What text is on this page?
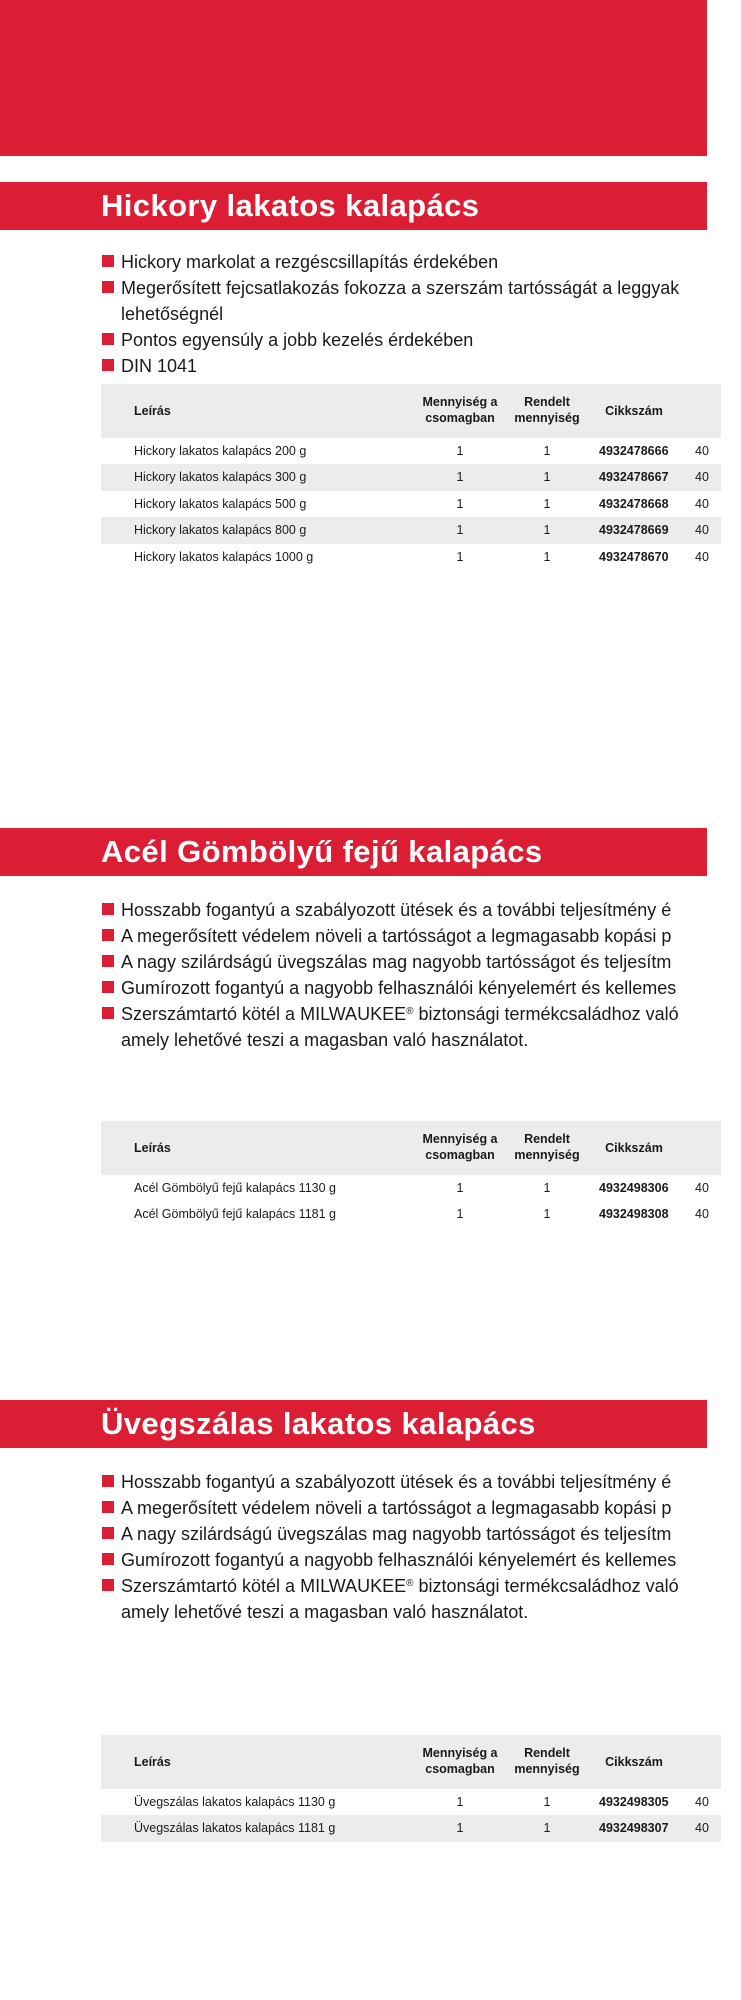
Hickory lakatos kalapács
Hickory markolat a rezgéscsillapítás érdekében
Megerősített fejcsatlakozás fokozza a szerszám tartósságát a leggyak
lehetőségnél
Pontos egyensúly a jobb kezelés érdekében
DIN 1041
Leírás
Mennyiség a
csomagban
Rendelt
mennyiség	Cikkszám
Hickory lakatos kalapács 200 g	1	1	4932478666 40
Hickory lakatos kalapács 300 g	1	1	4932478667 40
Hickory lakatos kalapács 500 g	1	1	4932478668 40
Hickory lakatos kalapács 800 g	1	1	4932478669 40
Hickory lakatos kalapács 1000 g	1	1	4932478670 40
Acél Gömbölyű fejű kalapács
Hosszabb fogantyú a szabályozott ütések és a további teljesítmény é
A megerősített védelem növeli a tartósságot a legmagasabb kopási p
A nagy szilárdságú üvegszálas mag nagyobb tartósságot és teljesítm
Gumírozott fogantyú a nagyobb felhasználói kényelemért és kellemes
Szerszámtartó kötél a MILWAUKEE® biztonsági termékcsaládhoz való
amely lehetővé teszi a magasban való használatot.
Leírás
Mennyiség a
csomagban
Rendelt
mennyiség	Cikkszám
Acél Gömbölyű fejű kalapács 1130 g	1	1	4932498306 40
Acél Gömbölyű fejű kalapács 1181 g	1	1	4932498308 40
Üvegszálas lakatos kalapács
Hosszabb fogantyú a szabályozott ütések és a további teljesítmény é
A megerősített védelem növeli a tartósságot a legmagasabb kopási p
A nagy szilárdságú üvegszálas mag nagyobb tartósságot és teljesítm
Gumírozott fogantyú a nagyobb felhasználói kényelemért és kellemes
Szerszámtartó kötél a MILWAUKEE® biztonsági termékcsaládhoz való
amely lehetővé teszi a magasban való használatot.
Leírás
Mennyiség a
csomagban
Rendelt
mennyiség	Cikkszám
Üvegszálas lakatos kalapács 1130 g	1	1	4932498305 40
Üvegszálas lakatos kalapács 1181 g	1	1	4932498307 40
